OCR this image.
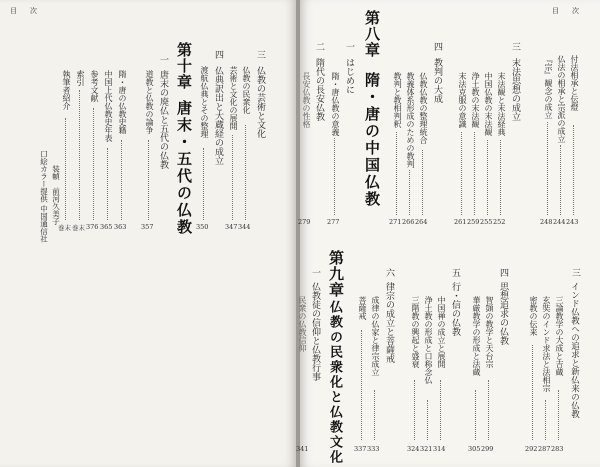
目　次
三
仏教の芸術と文化
仏教の民衆化
344
芸術と文化の展開
347
四
仏典訳出と大蔵経の成立
渡航仏典とその整理
350
第十章
唐末・五代の仏教
一
唐末の廃仏と五代の仏教
道教と仏教の論争
357
隋・唐の仏教史籍
363
中国上代仏教史年表
365
参考文献
376
索引
巻末
執筆者紹介
巻末
口絵カラー提供 装幀　前河久美子
中国通信社
目　次
付法相承と伝燈
243
仏法の相承と宗派の成立
244
『宗』観念の成立
248
三
末法思想の成立
末法観と末法経典
252
中国仏教の末法観
255
浄土教の末法観
259
末法克服の意識
261
四
教判の大成
仏教仏教の整理統合
264
教義体系形成のための教判
266
教判と教相判釈
271
第八章
隋・唐の中国仏教
一
はじめに
隋・唐仏教の意義
277
二
隋代の長安仏教
長安仏教の性格
279
三
インド仏教への追求と新仏来の仏教
三論教学の大成と吉蔵
283
玄奘のインド求法と法相宗
287
密教の伝来
292
四
思想追求の仏教
智顗の教学と天台宗
299
華厳教学の形成と法蔵
305
五
行・信の仏教
中国禅の成立と展開
314
浄土教の形成と口称念仏
321
三階教の興起と盛衰
324
六
律宗の成立と菩薩戒
成律の仏家と律宗成立
333
菩薩戒
337
第九章
仏教の民衆化と仏教文化
一
仏教徒の信仰と仏教行事
民衆の仏教信仰
341
